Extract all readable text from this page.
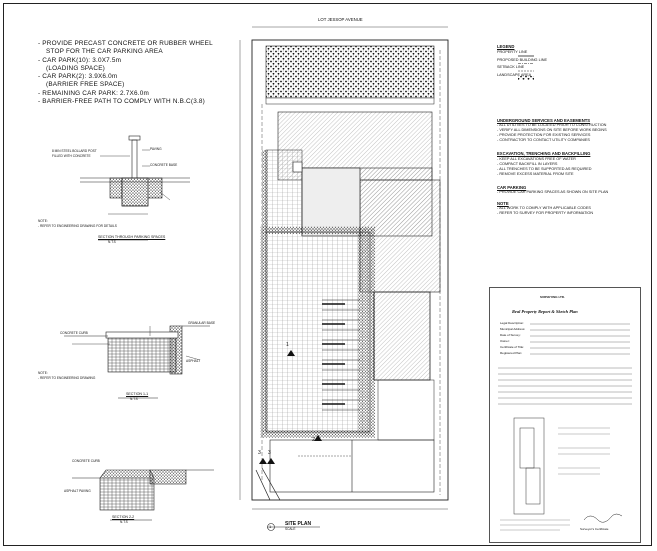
- PROVIDE PRECAST CONCRETE OR RUBBER WHEEL
STOP FOR THE CAR PARKING AREA
- CAR PARK(10): 3.0X7.5m
(LOADING SPACE)
- CAR PARK(2): 3.9X6.0m
(BARRIER FREE SPACE)
- REMAINING CAR PARK: 2.7X6.0m
- BARRIER-FREE PATH TO COMPLY WITH N.B.C(3.8)
LOT JESSOP AVENUE
8 MIN STEEL BOLLARD POST
FILLED WITH CONCRETE
PAVING
CONCRETE BASE
NOTE:
- REFER TO ENGINEERING DRAWING FOR DETAILS
SECTION THROUGH PARKING SPACES
N.T.S
CONCRETE CURB
GRANULAR BASE
ASPHALT
NOTE:
- REFER TO ENGINEERING DRAWING
SECTION 1-1
N.T.S
CONCRETE CURB
ASPHALT PAVING
SECTION 2-2
N.T.S
1	SITE PLAN
SCALE
2
3 3
1
LEGEND
PROPERTY LINE
PROPOSED BUILDING LINE
SETBACK LINE
LANDSCAPE AREA

UNDERGROUND SERVICES AND EASEMENTS

- ALL UTILITIES TO BE LOCATED PRIOR TO CONSTRUCTION

- VERIFY ALL DIMENSIONS ON SITE BEFORE WORK BEGINS

- PROVIDE PROTECTION FOR EXISTING SERVICES

- CONTRACTOR TO CONTACT UTILITY COMPANIES

EXCAVATION, TRENCHING AND BACKFILLING

- KEEP ALL EXCAVATIONS FREE OF WATER

- COMPACT BACKFILL IN LAYERS

- ALL TRENCHES TO BE SUPPORTED AS REQUIRED

- REMOVE EXCESS MATERIAL FROM SITE

CAR PARKING

- PROVIDE CAR PARKING SPACES AS SHOWN ON SITE PLAN

NOTE

- ALL WORK TO COMPLY WITH APPLICABLE CODES

- REFER TO SURVEY FOR PROPERTY INFORMATION

SURVEYING LTD.
Real Property Report & Sketch Plan
Legal Description:
Municipal Address:
Date of Survey:
Owner:
Certificate of Title:
Registered Plan:
Surveyor's Certificate
